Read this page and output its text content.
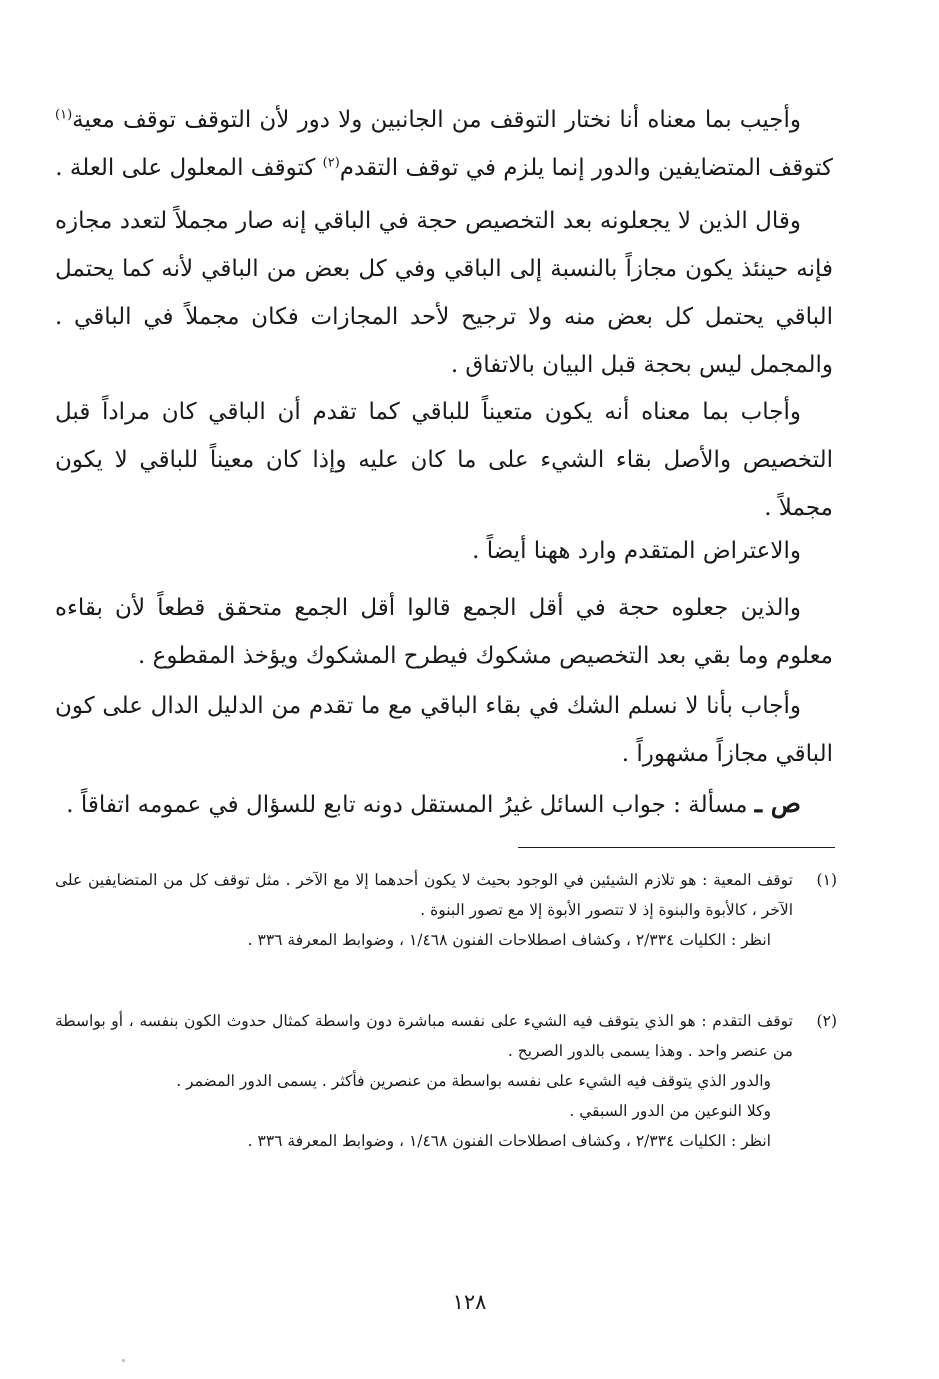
وأجيب بما معناه أنا نختار التوقف من الجانبين ولا دور لأن التوقف توقف معية$^{(١)}$ كتوقف المتضايفين والدور إنما يلزم في توقف التقدم$^{(٢)}$ كتوقف المعلول على العلة .

وقال الذين لا يجعلونه بعد التخصيص حجة في الباقي إنه صار مجملاً لتعدد مجازه فإنه حينئذ يكون مجازاً بالنسبة إلى الباقي وفي كل بعض من الباقي لأنه كما يحتمل الباقي يحتمل كل بعض منه ولا ترجيح لأحد المجازات فكان مجملاً في الباقي . والمجمل ليس بحجة قبل البيان بالاتفاق .

وأجاب بما معناه أنه يكون متعيناً للباقي كما تقدم أن الباقي كان مراداً قبل التخصيص والأصل بقاء الشيء على ما كان عليه وإذا كان معيناً للباقي لا يكون مجملاً .

والاعتراض المتقدم وارد ههنا أيضاً .

والذين جعلوه حجة في أقل الجمع قالوا أقل الجمع متحقق قطعاً لأن بقاءه معلوم وما بقي بعد التخصيص مشكوك فيطرح المشكوك ويؤخذ المقطوع .

وأجاب بأنا لا نسلم الشك في بقاء الباقي مع ما تقدم من الدليل الدال على كون الباقي مجازاً مشهوراً .

ص ـ مسألة : جواب السائل غيرُ المستقل دونه تابع للسؤال في عمومه اتفاقاً .

(١)
توقف المعية : هو تلازم الشيئين في الوجود بحيث لا يكون أحدهما إلا مع الآخر . مثل توقف كل من المتضايفين على الآخر ، كالأبوة والبنوة إذ لا تتصور الأبوة إلا مع تصور البنوة .
انظر : الكليات ٢/٣٣٤ ، وكشاف اصطلاحات الفنون ١/٤٦٨ ، وضوابط المعرفة ٣٣٦ .
(٢)
توقف التقدم : هو الذي يتوقف فيه الشيء على نفسه مباشرة دون واسطة كمثال حدوث الكون بنفسه ، أو بواسطة من عنصر واحد . وهذا يسمى بالدور الصريح .
والدور الذي يتوقف فيه الشيء على نفسه بواسطة من عنصرين فأكثر . يسمى الدور المضمر .
وكلا النوعين من الدور السبقي .
انظر : الكليات ٢/٣٣٤ ، وكشاف اصطلاحات الفنون ١/٤٦٨ ، وضوابط المعرفة ٣٣٦ .
١٢٨
